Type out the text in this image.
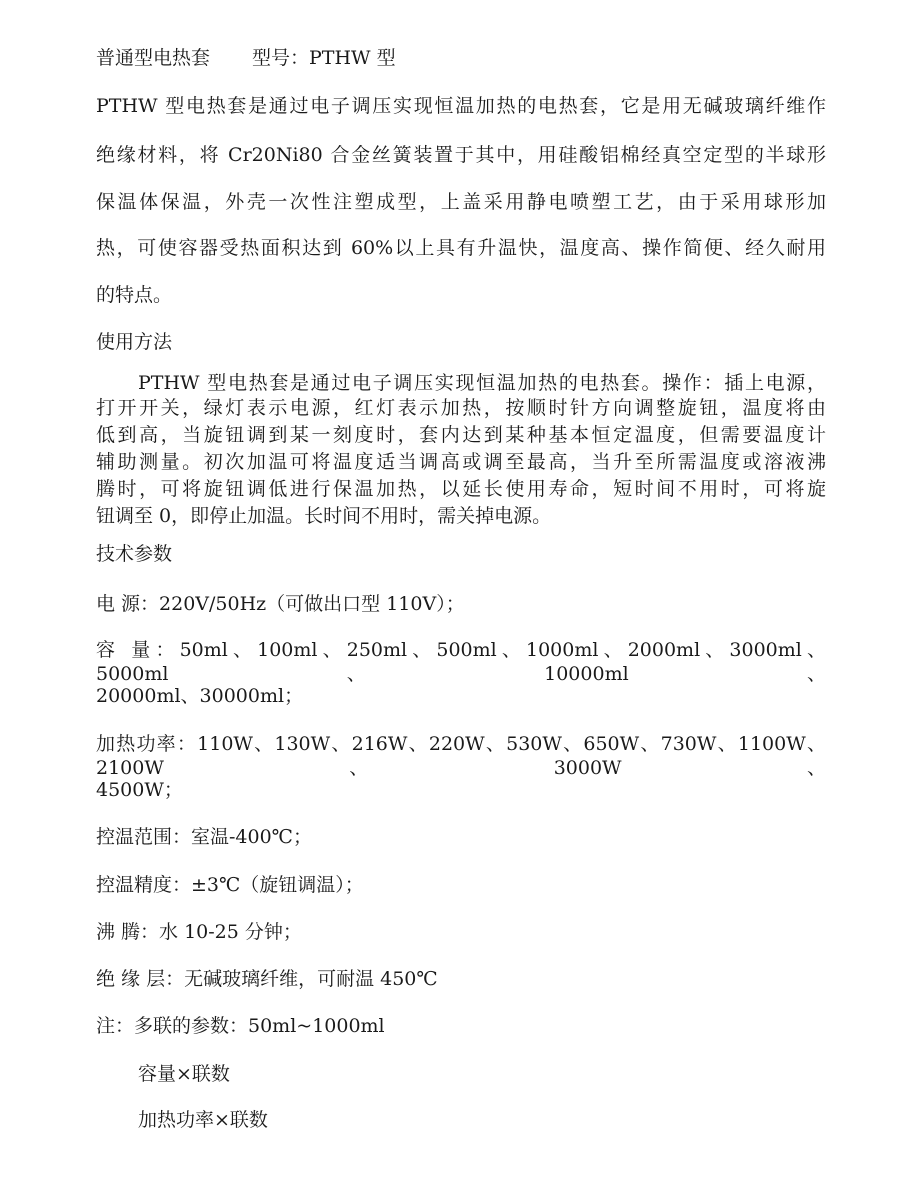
普通型电热套 型号：PTHW 型
PTHW 型电热套是通过电子调压实现恒温加热的电热套，它是用无碱玻璃纤维作
绝缘材料，将 Cr20Ni80 合金丝簧装置于其中，用硅酸铝棉经真空定型的半球形
保温体保温，外壳一次性注塑成型，上盖采用静电喷塑工艺，由于采用球形加
热，可使容器受热面积达到 60%以上具有升温快，温度高、操作简便、经久耐用
的特点。
使用方法
PTHW 型电热套是通过电子调压实现恒温加热的电热套。操作：插上电源，
打开开关，绿灯表示电源，红灯表示加热，按顺时针方向调整旋钮，温度将由
低到高，当旋钮调到某一刻度时，套内达到某种基本恒定温度，但需要温度计
辅助测量。初次加温可将温度适当调高或调至最高，当升至所需温度或溶液沸
腾时，可将旋钮调低进行保温加热，以延长使用寿命，短时间不用时，可将旋
钮调至 0，即停止加温。长时间不用时，需关掉电源。
技术参数
电 源：220V/50Hz（可做出口型 110V）；
容 量：50ml、100ml、250ml、500ml、1000ml、2000ml、3000ml、5000ml、10000ml、
20000ml、30000ml；
加热功率：110W、130W、216W、220W、530W、650W、730W、1100W、2100W、3000W、
4500W；
控温范围：室温-400℃；
控温精度：±3℃（旋钮调温）；
沸 腾：水 10-25 分钟；
绝 缘 层：无碱玻璃纤维，可耐温 450℃
注：多联的参数：50ml~1000ml
容量×联数
加热功率×联数
